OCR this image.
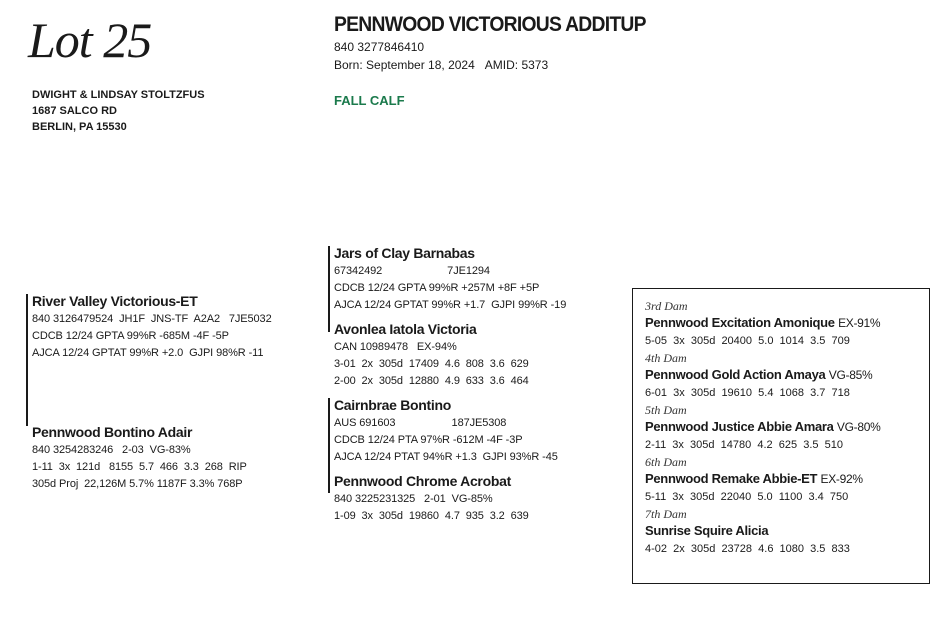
Lot 25
DWIGHT & LINDSAY STOLTZFUS
1687 SALCO RD
BERLIN, PA 15530
PENNWOOD VICTORIOUS ADDITUP
840 3277846410
Born: September 18, 2024 AMID: 5373
FALL CALF
River Valley Victorious-ET
840 3126479524  JH1F  JNS-TF  A2A2   7JE5032
CDCB 12/24 GPTA 99%R -685M -4F -5P
AJCA 12/24 GPTAT 99%R +2.0  GJPI 98%R -11
Pennwood Bontino Adair
840 3254283246   2-03  VG-83%
1-11  3x  121d   8155  5.7  466  3.3  268  RIP
305d Proj  22,126M 5.7% 1187F 3.3% 768P
Jars of Clay Barnabas
67342492                      7JE1294
CDCB 12/24 GPTA 99%R +257M +8F +5P
AJCA 12/24 GPTAT 99%R +1.7  GJPI 99%R -19
Avonlea Iatola Victoria
CAN 10989478   EX-94%
3-01  2x  305d  17409  4.6  808  3.6  629
2-00  2x  305d  12880  4.9  633  3.6  464
Cairnbrae Bontino
AUS 691603                   187JE5308
CDCB 12/24 PTA 97%R -612M -4F -3P
AJCA 12/24 PTAT 94%R +1.3  GJPI 93%R -45
Pennwood Chrome Acrobat
840 3225231325   2-01  VG-85%
1-09  3x  305d  19860  4.7  935  3.2  639
3rd Dam
Pennwood Excitation Amonique EX-91%
5-05  3x  305d  20400  5.0  1014  3.5  709
4th Dam
Pennwood Gold Action Amaya VG-85%
6-01  3x  305d  19610  5.4  1068  3.7  718
5th Dam
Pennwood Justice Abbie Amara VG-80%
2-11  3x  305d  14780  4.2  625  3.5  510
6th Dam
Pennwood Remake Abbie-ET EX-92%
5-11  3x  305d  22040  5.0  1100  3.4  750
7th Dam
Sunrise Squire Alicia
4-02  2x  305d  23728  4.6  1080  3.5  833
